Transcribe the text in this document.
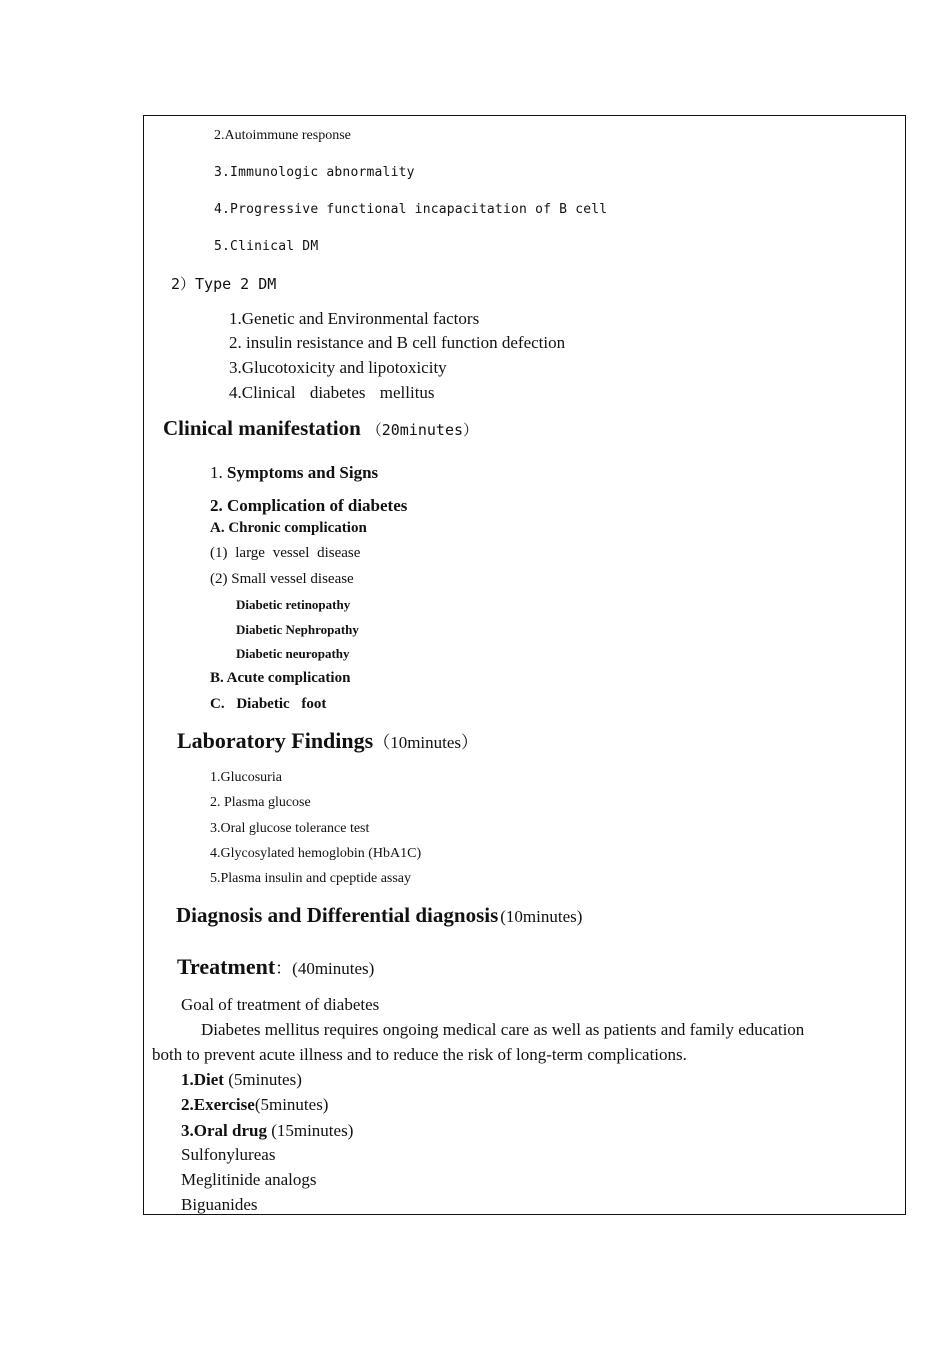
2.Autoimmune response
3.Immunologic abnormality
4.Progressive functional incapacitation of B cell
5.Clinical DM
2）Type 2 DM
1.Genetic and Environmental factors
2. insulin resistance and B cell function defection
3.Glucotoxicity and lipotoxicity
4.Clinical diabetes mellitus
Clinical manifestation （20minutes）
1. Symptoms and Signs
2. Complication of diabetes
A. Chronic complication
(1) large vessel disease
(2) Small vessel disease
Diabetic retinopathy
Diabetic Nephropathy
Diabetic neuropathy
B. Acute complication
C. Diabetic foot
Laboratory Findings（10minutes）
1.Glucosuria
2. Plasma glucose
3.Oral glucose tolerance test
4.Glycosylated hemoglobin (HbA1C)
5.Plasma insulin and cpeptide assay
Diagnosis and Differential diagnosis (10minutes)
Treatment：(40minutes)
Goal of treatment of diabetes
Diabetes mellitus requires ongoing medical care as well as patients and family education
both to prevent acute illness and to reduce the risk of long-term complications.
1.Diet (5minutes)
2.Exercise(5minutes)
3.Oral drug (15minutes)
Sulfonylureas
Meglitinide analogs
Biguanides
